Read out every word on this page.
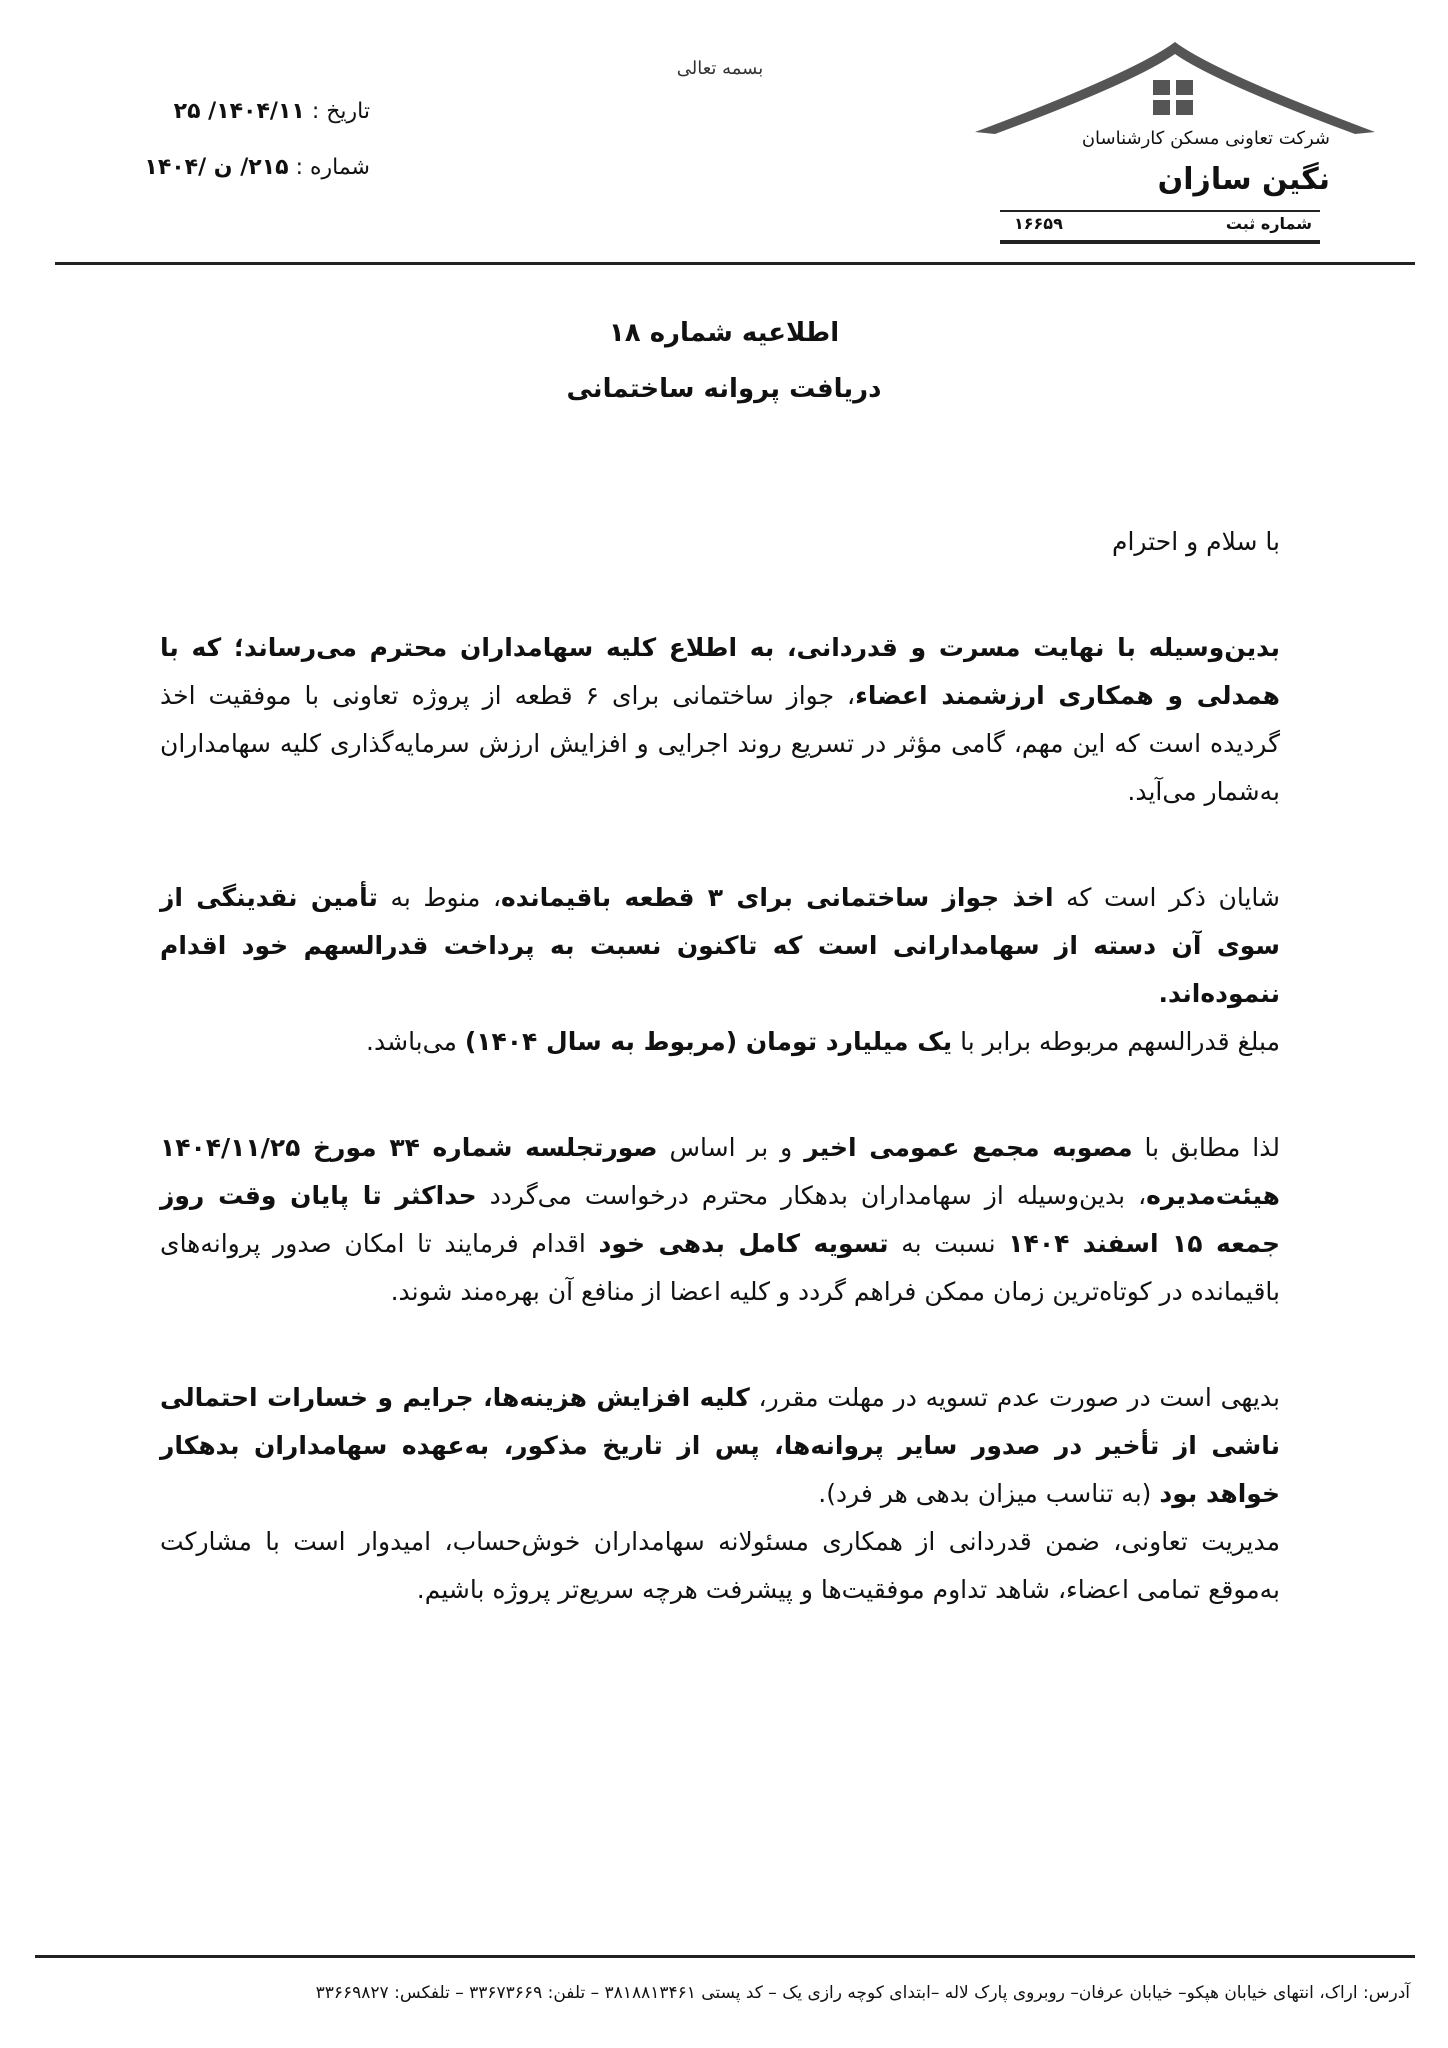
بسمه تعالی
تاریخ : ۱۴۰۴/۱۱/ ۲۵
شماره : ۲۱۵/ ن /۱۴۰۴
شرکت تعاونی مسکن کارشناسان
نگین سازان
شماره ثبت
۱۶۶۵۹
اطلاعیه شماره ۱۸
دریافت پروانه ساختمانی

با سلام و احترام

بدین‌وسیله با نهایت مسرت و قدردانی، به اطلاع کلیه سهامداران محترم می‌رساند؛ که با همدلی و همکاری ارزشمند اعضاء، جواز ساختمانی برای ۶ قطعه از پروژه تعاونی با موفقیت اخذ گردیده است که این مهم، گامی مؤثر در تسریع روند اجرایی و افزایش ارزش سرمایه‌گذاری کلیه سهامداران به‌شمار می‌آید.

شایان ذکر است که اخذ جواز ساختمانی برای ۳ قطعه باقیمانده، منوط به تأمین نقدینگی از سوی آن دسته از سهامدارانی است که تاکنون نسبت به پرداخت قدرالسهم خود اقدام ننموده‌اند.

مبلغ قدرالسهم مربوطه برابر با یک میلیارد تومان (مربوط به سال ۱۴۰۴) می‌باشد.

لذا مطابق با مصوبه مجمع عمومی اخیر و بر اساس صورتجلسه شماره ۳۴ مورخ ۱۴۰۴/۱۱/۲۵ هیئت‌مدیره، بدین‌وسیله از سهامداران بدهکار محترم درخواست می‌گردد حداکثر تا پایان وقت روز جمعه ۱۵ اسفند ۱۴۰۴ نسبت به تسویه کامل بدهی خود اقدام فرمایند تا امکان صدور پروانه‌های باقیمانده در کوتاه‌ترین زمان ممکن فراهم گردد و کلیه اعضا از منافع آن بهره‌مند شوند.

بدیهی است در صورت عدم تسویه در مهلت مقرر، کلیه افزایش هزینه‌ها، جرایم و خسارات احتمالی ناشی از تأخیر در صدور سایر پروانه‌ها، پس از تاریخ مذکور، به‌عهده سهامداران بدهکار خواهد بود (به تناسب میزان بدهی هر فرد).

مدیریت تعاونی، ضمن قدردانی از همکاری مسئولانه سهامداران خوش‌حساب، امیدوار است با مشارکت به‌موقع تمامی اعضاء، شاهد تداوم موفقیت‌ها و پیشرفت هرچه سریع‌تر پروژه باشیم.

آدرس: اراک، انتهای خیابان هپکو– خیابان عرفان– روبروی پارک لاله –ابتدای کوچه رازی یک – کد پستی ۳۸۱۸۸۱۳۴۶۱ – تلفن: ۳۳۶۷۳۶۶۹ – تلفکس: ۳۳۶۶۹۸۲۷
